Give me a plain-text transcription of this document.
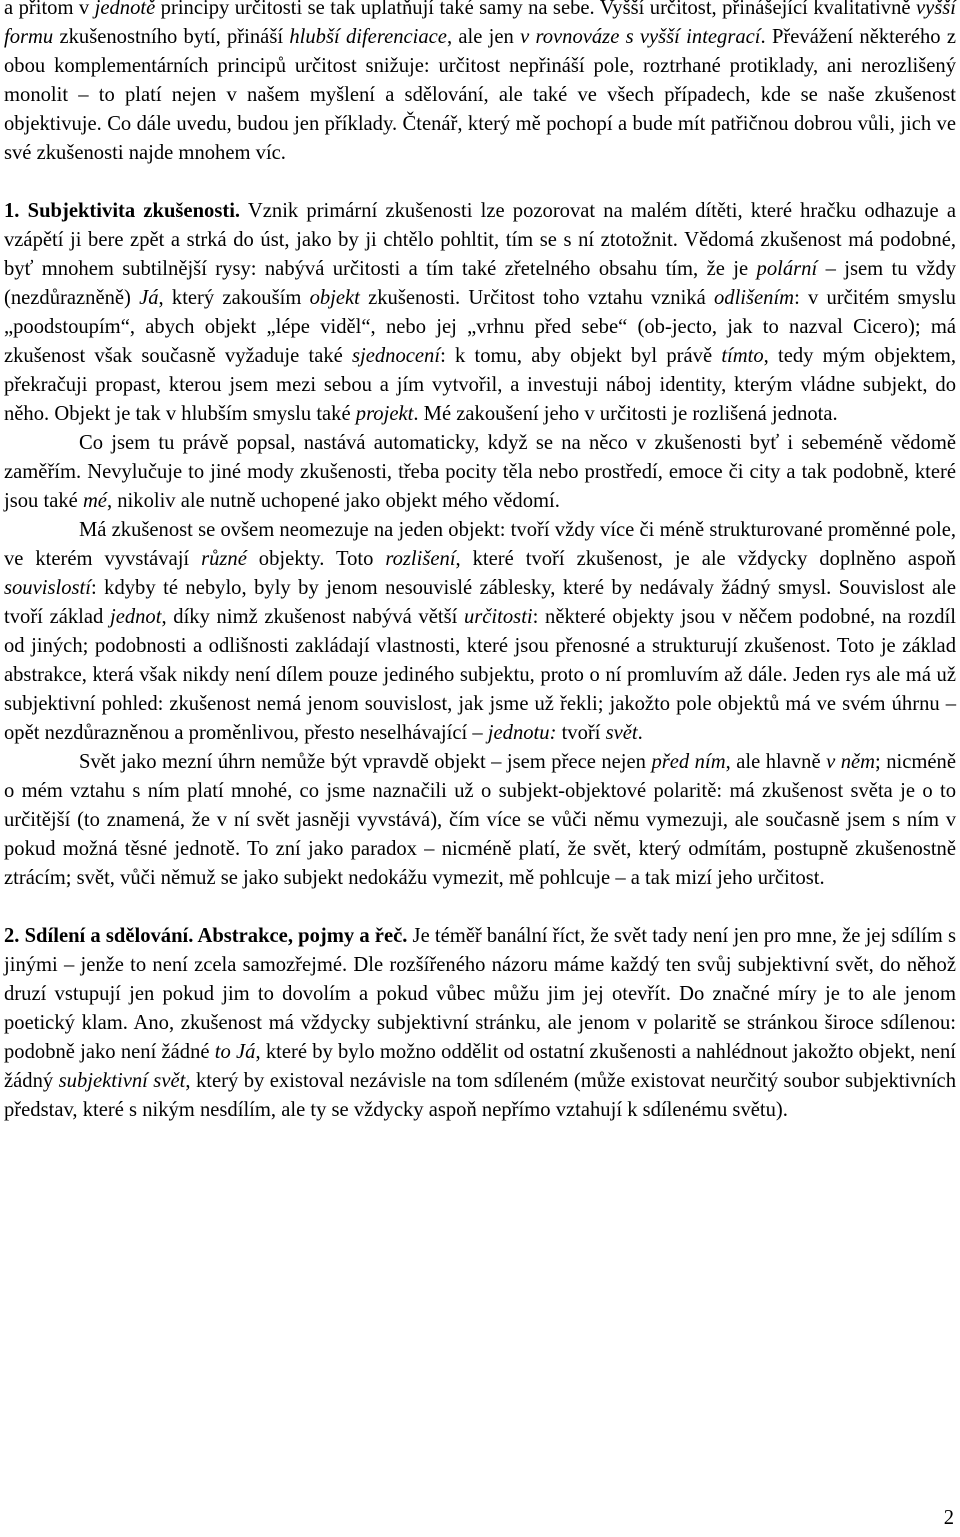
a přitom v jednotě principy určitosti se tak uplatňují také samy na sebe. Vyšší určitost, přinášející kvalitativně vyšší formu zkušenostního bytí, přináší hlubší diferenciace, ale jen v rovnováze s vyšší integrací. Převážení některého z obou komplementárních principů určitost snižuje: určitost nepřináší pole, roztrhané protiklady, ani nerozlišený monolit – to platí nejen v našem myšlení a sdělování, ale také ve všech případech, kde se naše zkušenost objektivuje. Co dále uvedu, budou jen příklady. Čtenář, který mě pochopí a bude mít patřičnou dobrou vůli, jich ve své zkušenosti najde mnohem víc.

1. Subjektivita zkušenosti. Vznik primární zkušenosti lze pozorovat na malém dítěti, které hračku odhazuje a vzápětí ji bere zpět a strká do úst, jako by ji chtělo pohltit, tím se s ní ztotožnit. Vědomá zkušenost má podobné, byť mnohem subtilnější rysy: nabývá určitosti a tím také zřetelného obsahu tím, že je polární – jsem tu vždy (nezdůrazněně) Já, který zakouším objekt zkušenosti. Určitost toho vztahu vzniká odlišením: v určitém smyslu „poodstoupím“, abych objekt „lépe viděl“, nebo jej „vrhnu před sebe“ (ob-jecto, jak to nazval Cicero); má zkušenost však současně vyžaduje také sjednocení: k tomu, aby objekt byl právě tímto, tedy mým objektem, překračuji propast, kterou jsem mezi sebou a jím vytvořil, a investuji náboj identity, kterým vládne subjekt, do něho. Objekt je tak v hlubším smyslu také projekt. Mé zakoušení jeho v určitosti je rozlišená jednota.

Co jsem tu právě popsal, nastává automaticky, když se na něco v zkušenosti byť i sebeméně vědomě zaměřím. Nevylučuje to jiné mody zkušenosti, třeba pocity těla nebo prostředí, emoce či city a tak podobně, které jsou také mé, nikoliv ale nutně uchopené jako objekt mého vědomí.

Má zkušenost se ovšem neomezuje na jeden objekt: tvoří vždy více či méně strukturované proměnné pole, ve kterém vyvstávají různé objekty. Toto rozlišení, které tvoří zkušenost, je ale vždycky doplněno aspoň souvislostí: kdyby té nebylo, byly by jenom nesouvislé záblesky, které by nedávaly žádný smysl. Souvislost ale tvoří základ jednot, díky nimž zkušenost nabývá větší určitosti: některé objekty jsou v něčem podobné, na rozdíl od jiných; podobnosti a odlišnosti zakládají vlastnosti, které jsou přenosné a strukturují zkušenost. Toto je základ abstrakce, která však nikdy není dílem pouze jediného subjektu, proto o ní promluvím až dále. Jeden rys ale má už subjektivní pohled: zkušenost nemá jenom souvislost, jak jsme už řekli; jakožto pole objektů má ve svém úhrnu – opět nezdůrazněnou a proměnlivou, přesto neselhávající – jednotu: tvoří svět.

Svět jako mezní úhrn nemůže být vpravdě objekt – jsem přece nejen před ním, ale hlavně v něm; nicméně o mém vztahu s ním platí mnohé, co jsme naznačili už o subjekt-objektové polaritě: má zkušenost světa je o to určitější (to znamená, že v ní svět jasněji vyvstává), čím více se vůči němu vymezuji, ale současně jsem s ním v pokud možná těsné jednotě. To zní jako paradox – nicméně platí, že svět, který odmítám, postupně zkušenostně ztrácím; svět, vůči němuž se jako subjekt nedokážu vymezit, mě pohlcuje – a tak mizí jeho určitost.

2. Sdílení a sdělování. Abstrakce, pojmy a řeč. Je téměř banální říct, že svět tady není jen pro mne, že jej sdílím s jinými – jenže to není zcela samozřejmé. Dle rozšířeného názoru máme každý ten svůj subjektivní svět, do něhož druzí vstupují jen pokud jim to dovolím a pokud vůbec můžu jim jej otevřít. Do značné míry je to ale jenom poetický klam. Ano, zkušenost má vždycky subjektivní stránku, ale jenom v polaritě se stránkou široce sdílenou: podobně jako není žádné to Já, které by bylo možno oddělit od ostatní zkušenosti a nahlédnout jakožto objekt, není žádný subjektivní svět, který by existoval nezávisle na tom sdíleném (může existovat neurčitý soubor subjektivních představ, které s nikým nesdílím, ale ty se vždycky aspoň nepřímo vztahují k sdílenému světu).

2
